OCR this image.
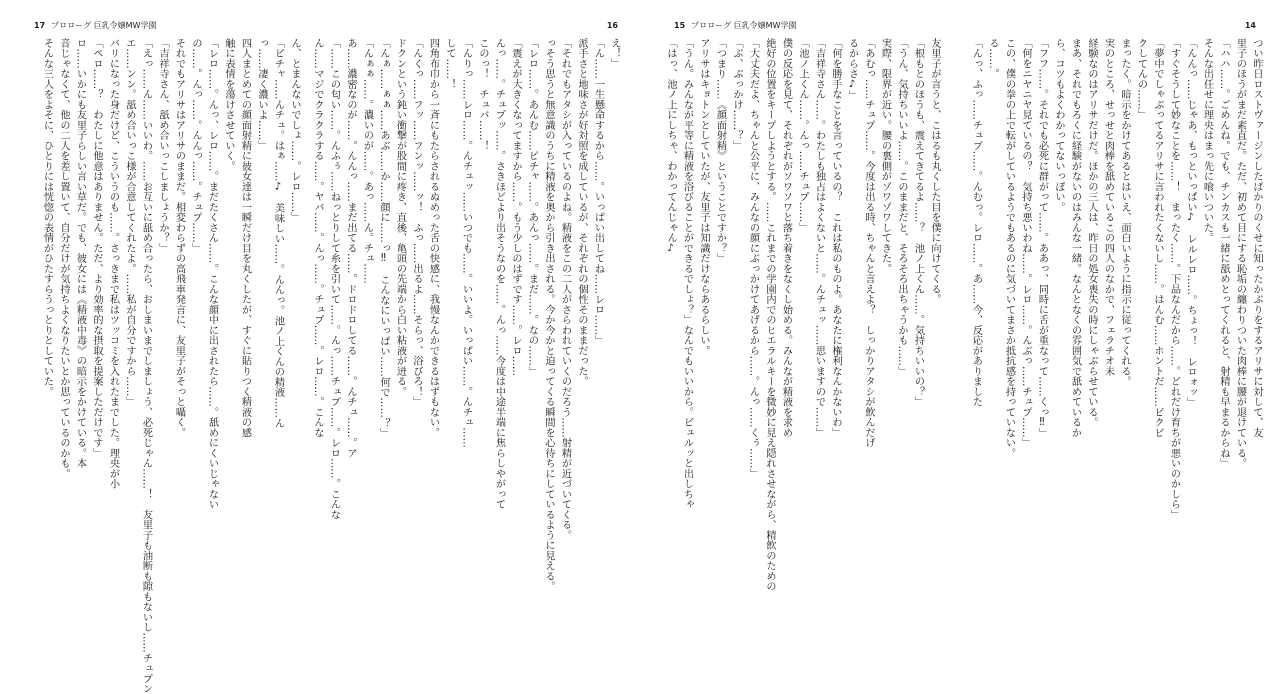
17 プロローグ 巨乳令嬢MW学園
ん、とまんないでしょ……。レロ……」
「ピチャ……んチュ。はぁ……♪　美味しい……。んんっ。池ノ上くんの精液……ん
っ……凄く濃いよ……」
四人まとめての顔面射精に彼女達は一瞬だけ目を丸くしたが、すぐに貼りつく精液の感
触に表情を蕩けさせていく。
「レロ……。んっ、レロ……。まだたくさん……。こんな顔中に出されたら……。舐めにくいじゃない
の……。んっ……。んんっ……。チュプ……」
それでもアリサはアリサのままだ。相変わらずの高飛車発言に、友里子がそっと囁く。
「吉祥寺さん、舐め合いっこしましょうか？」
「えっ……ん……いいわ。……お互いに舐め合ったら、おしまいまでしましょう、必死じゃん……！　友里子も油断も隙もないし……チュプン
エ……ンン。舐め合いっこ様が合意してくれたよ。……私が自分ですから……」
バリになった身だけど、こういうのも……。さっきまで私はツッコミを入れたまでした。理央が小
「ペロ……？　わたしに他意はありません。ただ、より効率的な摂取を提案しただけです」
ロ……いかにも友里子らしい言い草だ。でも、彼女には《精液中毒》の暗示をかけている。本
音じゃなくて、他の二人を差し置いて、自分だけが気持ちよくなりたいとか思っているのかも。
そんな三人をよそに、ひとりには恍惚の表情がひたすらうっとりとしていた。
16
え！」
「ん……一生懸命するから……。いっぱい出してね……レロ……」
派手さと地味さが好対照を成しているが、それぞれの個性そのままだった。
「それでもアタシが入っているのよね。精液をこの二人がさらわれていくのだろう……射精が近づいてくる。
っそう思うと無意識のうちに精液を奥から引き出される。今か今かと迫ってくる瞬間を心待ちにしているように見える。
「レロ……。あんむ……ピチャ……。あんっ……。まだ……。なの……」
「震えが大きくなってますから……。もう少しのはずです……。レロ……
んっ……。チュプッ……。さきほどより出そうなのを……。んっ……今度は中途半端に焦らしやがって
このっ！　チュバ……！
「んりっ……レロ……。んチュッ……いつでも……。いいよ。いっぱい……。んチュ……
して……！
四角布巾から一斉にもたらされるぬめった舌の快感に、我慢なんかできるはずもない。
「んくっ……フッ……フンッ……ッ！　ふっ……出るよ……そらっ、浴びろ！」
ドクンという鈍い衝撃が股間に疼き、直後、亀頭の先端から白い粘液が迸る。
「んぁ……ぁぁ……あぶ……か……顔に……っ‼　こんなにいっぱい……何で……？」
「んぁぁ……。濃いのが……。あっ……ん。チュ……
あ……濃密なのが……。んんっ……まだ出てる……。ドロドロしてる……。んチュ……。ア
「……この匂い……。んふぅ……ねっとりして糸を引いて……。んっ……チュプ……。レロ……。こんな
ん……マジでクラクラする……。ヤバ……。んっ……。チュプ……。レロ……。こんな
15 プロローグ 巨乳令嬢MW学園
友里子が言うと、こはるも丸くした目を僕に向けてくる。
「根もとのほうも、震えてきてるよ……？　池ノ上くん……。気持ちいいの？」
「うん、気持ちいいよ……。このままだと、そろそろ出ちゃうかも……」
実際、限界が近い。腰の裏側がゾワゾワしてきた。
「あむっ……チュプ……。今度は出る時、ちゃんと言えよ？　しっかりアタシが飲んだげ
るからさ♪」
「何を勝手なことを言っているの？　これは私のものよ。あなたに権利なんかないわ」
「吉祥寺さん……。わたしも独占はよくないと……。んチュッ……思いますので……」
「池ノ上くん……。んっ……チュプ……」
僕の反応を見て、それぞれがソワソワと落ち着きをなくし始める。みんなが精液を求め
絶好の位置をキープしようとする。……これまでの学園内でのヒエラルキーを微妙に見え隠れさせながら、精飲のための
「大丈夫だよ、ちゃんと公平に、みんなの顔にぶっかけてあげるから……。んっ……くぅ……」
「ぶ、ぶっかけ……？」
「つまり……《顔面射精》ということですか？」
アリサはキョトンとしていたが、友里子は知識だけならあるらしい。
「うん。みんなが平等に精液を浴びることができるでしょ？」なんでもいいから。ビュルッと出しちゃ
「はっ、池ノ上にしちゃ、わかってんじゃん♪
14
つい昨日ロストヴァージンしたばかりのくせに知ったかぶりをするアリサに対して、友
里子のほうがまだ素直だ。ただ、初めて目にする恥垢の纏わりついた肉棒に腰が退けている。
「ハハ……。ごめんね。でも、チンカスも一緒に舐めとってくれると、射精も早まるからね」
そんな出任せに理央はまっ先に喰いついた。
「んんっ……じゃあ、もっといっぱい♪　レルレロ……。ちょっ！　レロォッ」
「すぐそうして妙なことを……！　まったく……。下品なんだから……。どれだけ育ちが悪いのかしら」
「夢中でしゃぶってるアリサに言われたくないし……。はんむ……ホントだ……ビクビ
クしてんの……」
まったく。暗示をかけてあるとはいえ、面白いように指示に従ってくれる。
実のところ、せっせと肉棒を舐めているこの四人のなかで、フェラチオ未
経験なのはアリサだけだ。ほかの三人は、昨日の処女喪失の時にしゃぶらせている。
まあ、それでもろくに経験がないのはみんな一緒。なんとなくの雰囲気で舐めているか
ら、コツもよくわかってないっぽい。
「フフ……。それでも必死に群がって……。ああっ、同時に舌が重なって……くっ‼」
「何をニヤニヤ見ているの？　気持ち悪いわね……。レロ……。んぶっ……チュプ……」
この、僕の拳の上で転がしているようでもあるのに気づいてまさか抵抗感を持っていない。
る……。
「んっ、ふっ……チュプ……。んむっ。レロ……。あ……今、反応がありました
